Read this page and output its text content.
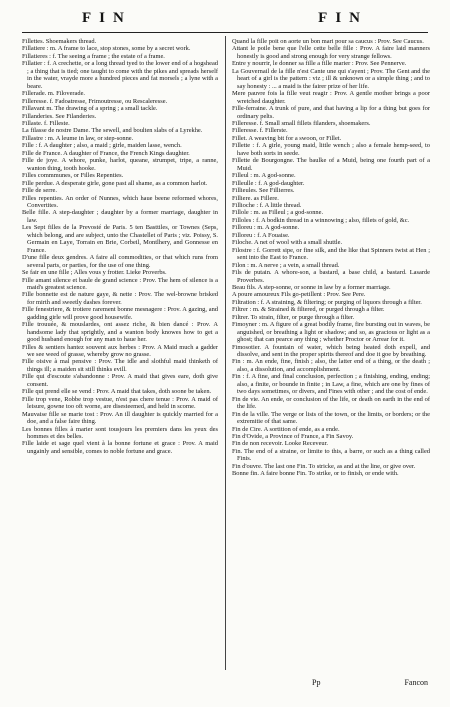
FIN	FIN

Fillettes. Shoemakers thread.

Fillatiere : m. A frame to lace, stop stones, some by a secret work.

Fillatieres : f. The seeing a frame ; the estate of a frame.

Fillatier : f. A crechette, or a long thread tyed to the lower end of a hogshead ; a thing that is tied; one taught to come with the pikes and spreads herself in the water, vrayde more a hundred pieces and fat morsels ; a lyne with a beare.

Fillerade. m. Filoverade.

Filleresse. f. Fadoatresse, Frimoutresse, ou Rescaleresse.

Fillavant m. The drawing of a spring ; a small tackle.

Fillanderies. See Filanderies.

Fillaste. f. Filleste.

La filasse de nostre Dame. The sewell, and boulten slabs of a Lyrekhe.

Fillastre : m. A leume in law, or step-sonne.

Fille : f. A daughter ; also, a maid ; girle, maiden lasse, wench.

Fille de France. A daughter of France, the French Kings daughter.

Fille de joye. A whore, punke, harlot, queane, strumpet, tripe, a ranne, wanton thing, tooth hooke.

Filles commmunes, or Filles Repenties.

Fille perdue. A desperate girle, gone past all shame, as a common harlot.

Fille de serre.

Filles repenties. An order of Nunnes, which haue beene reformed whores, Convertites.

Belle fille. A step-daughter ; daughter by a former marriage, daughter in law.

Les Sept filles de la Prevosté de Paris. 5 ten Basttiles, or Townes (Seps, which belong, and are subject, unto the Chastellet of Paris ; viz. Poissy, S. Germain en Laye, Torrain en Brie, Corbeil, Montlhery, and Gonnesse en France.

D'une fille deux gendres. A faire all commodities, or that which runs from several parts, or parties, for the use of one thing.

Se fair en une fille ; Alles vous y frotter. Lieke Proverbs.

Fille amant silence et baule de grand science : Prov. The hem of silence is a maid's greatest science.

Fille bonnette est de nature gaye, & nette : Prov. The wel-browne brisked for mirth and sweetly dashes forever.

Fille fenestriere, & trotiere rarement bonne mesnagere : Prov. A gazing, and gadding girle will prove good housewife.

Fille trouuée, & mouslardes, ont assez riche, & bien dancé : Prov. A handsome lady that sprightly, and a wanton body knowes how to get a good husband enough for any man to haue her.

Filles & sentiers hantez souvent aux herbes : Prov. A Maid much a gadder we see weed of grasse, whereby grow no grasse.

Fille oisive à mal pensive : Prov. The idle and slothful maid thinketh of things ill; a maiden sit still thinks evill.

Fille qui d'escoute s'abandonne : Prov. A maid that gives eare, doth give consent.

Fille qui prend elle se vend : Prov. A maid that takes, doth soone be taken.

Fille trop vene, Robbe trop vestue, n'est pas chere tenue : Prov. A maid of leisure, gowne too oft worne, are disesteemed, and held in scorne.

Mauvaise fille se marie tost : Prov. An ill daughter is quickly married for a doe, and a false faire thing.

Les bonnes filles à marier sont tousjours les premiers dans les yeux des hommes et des belles.

Fille laide et sage quel vient à la bonne fortune et grace : Prov. A maid ungainly and sensible, comes to noble fortune and grace.

Quand la fille poit on aorte un bon mari pour sa caucus : Prov. See Caucus.

Attant le poile bene que l'elle cette belle fille : Prov. A faire laid manners honestly is good and strong enough for very strange fellows.

Entre y nourrir, le donner sa fille a fille marier : Prov. See Pennerve.

La Gouvernail de la fille n'est Cante une qui s'ayent ; Prov. The Gent and the heart of a girl is the pattern : viz ; ill & unknown or a simple thing ; and to say honesty : ... a maid is the fairer prize of her life.

Mere pauvre fois la fille veut reagir : Prov. A gentle mother brings a poor wretched daughter.

Fille-ferraine. A trunk of pure, and that having a lip for a thing but goes for ordinary pelts.

Filleresse. f. Small small fillets filanders, shoemakers.

Filleresse. f. Fillerste.

Fillet. A weaving bit for a swoon, or Fillet.

Fillette : f. A girle, young maid, little wench ; also a female hemp-seed, to have both sorts in seede.

Fillette de Bourgongne. The baulke of a Muid, being one fourth part of a Muid.

Filleul : m. A god-sonne.

Filleulle : f. A god-daughter.

Fillieules. See Fillierres.

Filliere. as Fillere.

Fillioche : f. A little thread.

Fillole : m. as Filleul ; a god-sonne.

Filloles : f. A bodkin thread in a winnowing ; also, fillets of gold, &c.

Filloreu : m. A god-sonne.

Filloreu : f. A Fouaise.

Filoche. A net of wool with a small shuttle.

Filostre : f. Gorrett sipe, or fine silk, and the like that Spinners twist at Hen ; sent into the East to France.

Filon : m. A nerve ; a vein, a small thread.

Fils de putain. A whore-son, a bastard, a base child, a bastard. Lasarde Proverbes.

Beau fils. A step-sonne, or sonne in law by a former marriage.

A poure amoureux Fils go-petillent : Prov. See Pere.

Filtration : f. A straining, & filtering; or purging of liquors through a filter.

Filtrer : m. & Strained & filtered, or purged through a filter.

Filtrer. To strain, filter, or purge through a filter.

Fimoyner : m. A figure of a great bodily frame, fire bursting out in waves, be anguished, or breathing a light or shadow; and so, as gracious or light as a ghost; that can pearce any thing ; whether Proctor or Arrear for it.

Fimosotier. A fountain of water, which being heated doth expell, and dissolve, and sent in the proper spirits thereof and doe it goe by breathing.

Fin : m. An ende, fine, finish ; also, the latter end of a thing, or the death ; also, a dissolution, and accomplishment.

Fin : f. A fine, and final conclusion, perfection ; a finishing, ending, ending; also, a finite, or bounde in finite ; in Law, a fine, which are one by fines of two days sometimes, or divers, and Fines with other ; and the cost of ende.

Fin de vie. An ende, or conclusion of the life, or death on earth in the end of the life.

Fin de la ville. The verge or lists of the town, or the limits, or borders; or the extremitie of that same.

Fin de Cire. A sortition of ende, as a ende.

Fin d'Ovide, a Province of France, a Fin Savoy.

Fin de non recevoir. Looke Receveur.

Fin. The end of a straine, or limite to this, a barre, or such as a thing called Finis.

Fin d'ouvre. The last one Fin. To stricke, as and at the line, or give over.

Bonne fin. A faire bonne Fin. To strike, or to finish, or ende with.

Pp	Fancon
